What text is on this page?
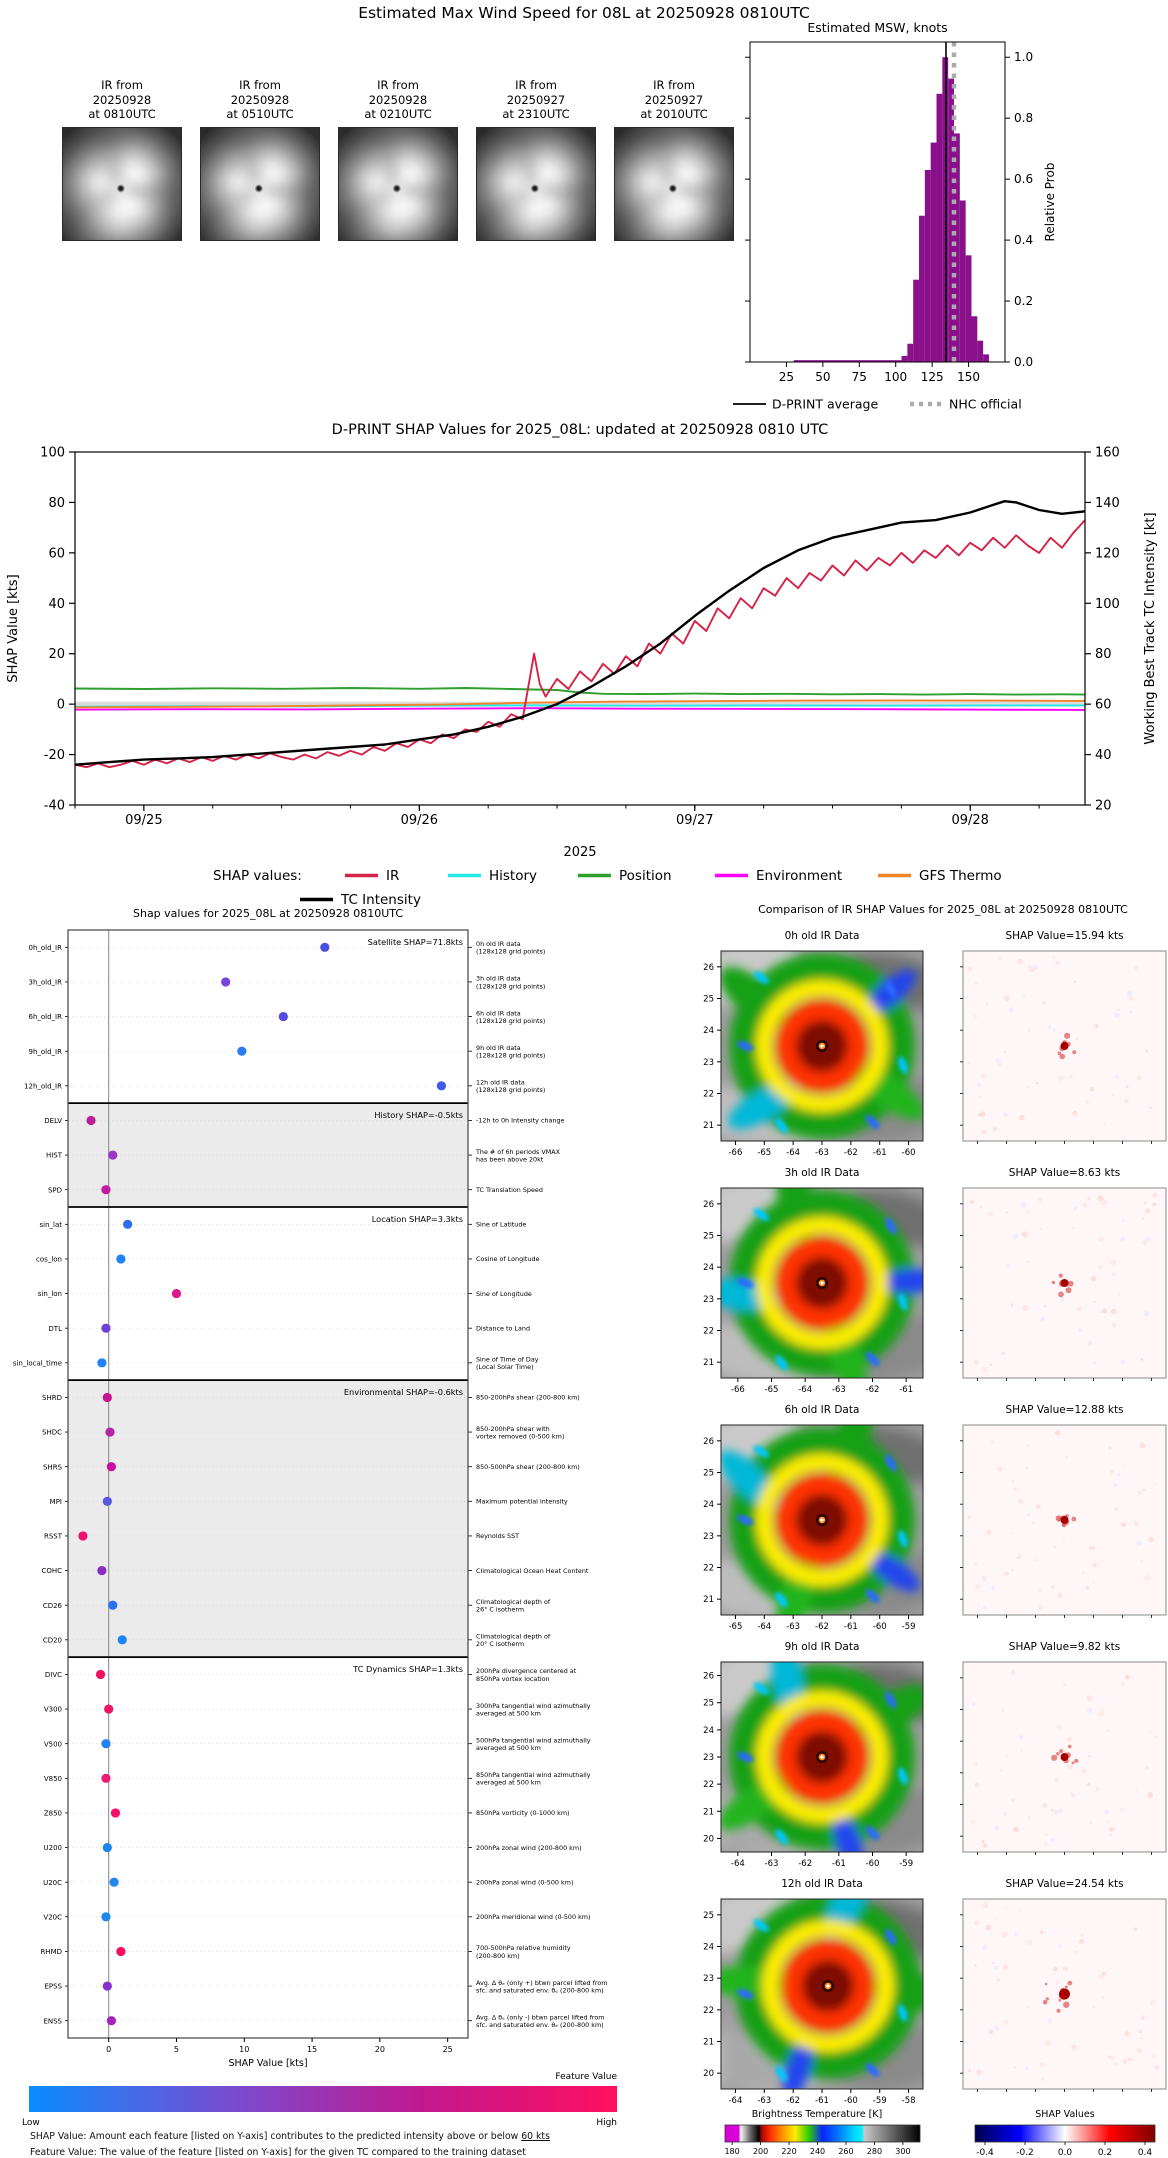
Estimated Max Wind Speed for 08L at 20250928 0810UTC
IR from
20250928
at 0810UTC
IR from
20250928
at 0510UTC
IR from
20250928
at 0210UTC
IR from
20250927
at 2310UTC
IR from
20250927
at 2010UTC
0.0
0.2
0.4
0.6
0.8
1.0
25 50 75 100 125 150
Estimated MSW, knots
Relative Prob
D-PRINT average	NHC official
-40
-20
0
20
40
60
80
100
20
40
60
80
100
120
140
160
09/25	09/26	09/27	09/28
2025
D-PRINT SHAP Values for 2025_08L: updated at 20250928 0810 UTC
SHAP Value [kts]	Working Best Track TC Intensity [kt]
SHAP values:	IR	History	Position	Environment	GFS Thermo
TC Intensity
Satellite SHAP=71.8kts
History SHAP=-0.5kts
Location SHAP=3.3kts
Environmental SHAP=-0.6kts
TC Dynamics SHAP=1.3kts
0h_old_IR	0h old IR data
(128x128 grid points)
3h_old_IR	3h old IR data
(128x128 grid points)
6h_old_IR	6h old IR data
(128x128 grid points)
9h_old_IR	9h old IR data
(128x128 grid points)
12h_old_IR	12h old IR data
(128x128 grid points)
DELV	-12h to 0h Intensity change
HIST	The # of 6h periods VMAX
has been above 20kt
SPD	TC Translation Speed
sin_lat	Sine of Latitude
cos_lon	Cosine of Longitude
sin_lon	Sine of Longitude
DTL	Distance to Land
sin_local_time	Sine of Time of Day
(Local Solar Time)
SHRD	850-200hPa shear (200-800 km)
SHDC	850-200hPa shear with
vortex removed (0-500 km)
SHRS	850-500hPa shear (200-800 km)
MPI	Maximum potential intensity
RSST	Reynolds SST
COHC	Climatological Ocean Heat Content
CD26	Climatological depth of
26° C isotherm
CD20	Climatological depth of
20° C isotherm
DIVC	200hPa divergence centered at
850hPa vortex location
V300	300hPa tangential wind azimuthally
averaged at 500 km
V500	500hPa tangential wind azimuthally
averaged at 500 km
V850	850hPa tangential wind azimuthally
averaged at 500 km
Z850	850hPa vorticity (0-1000 km)
U200	200hPa zonal wind (200-800 km)
U20C	200hPa zonal wind (0-500 km)
V20C	200hPa meridional wind (0-500 km)
RHMD	700-500hPa relative humidity
(200-800 km)
EPSS	Avg. Δ θₑ (only +) btwn parcel lifted from
sfc. and saturated env. θₑ (200-800 km)
ENSS	Avg. Δ θₑ (only -) btwn parcel lifted from
sfc. and saturated env. θₑ (200-800 km)
0	5	10	15	20	25
SHAP Value [kts]
Shap values for 2025_08L at 20250928 0810UTC
Feature Value
Low	High
Comparison of IR SHAP Values for 2025_08L at 20250928 0810UTC
0h old IR Data	SHAP Value=15.94 kts
26
25
24
23
22
21
-66 -65 -64 -63 -62 -61 -60
3h old IR Data	SHAP Value=8.63 kts
26
25
24
23
22
21
-66 -65 -64 -63 -62 -61
6h old IR Data	SHAP Value=12.88 kts
26
25
24
23
22
21
-65 -64 -63 -62 -61 -60 -59
9h old IR Data	SHAP Value=9.82 kts
26
25
24
23
22
21
20
-64 -63 -62 -61 -60 -59
12h old IR Data	SHAP Value=24.54 kts
25
24
23
22
21
20
-64 -63 -62 -61 -60 -59 -58
Brightness Temperature [K]
180 200 220 240 260 280 300
SHAP Values
-0.4 -0.2	0.0	0.2	0.4
SHAP Value: Amount each feature [listed on Y-axis] contributes to the predicted intensity above or below 60 kts
Feature Value: The value of the feature [listed on Y-axis] for the given TC compared to the training dataset
